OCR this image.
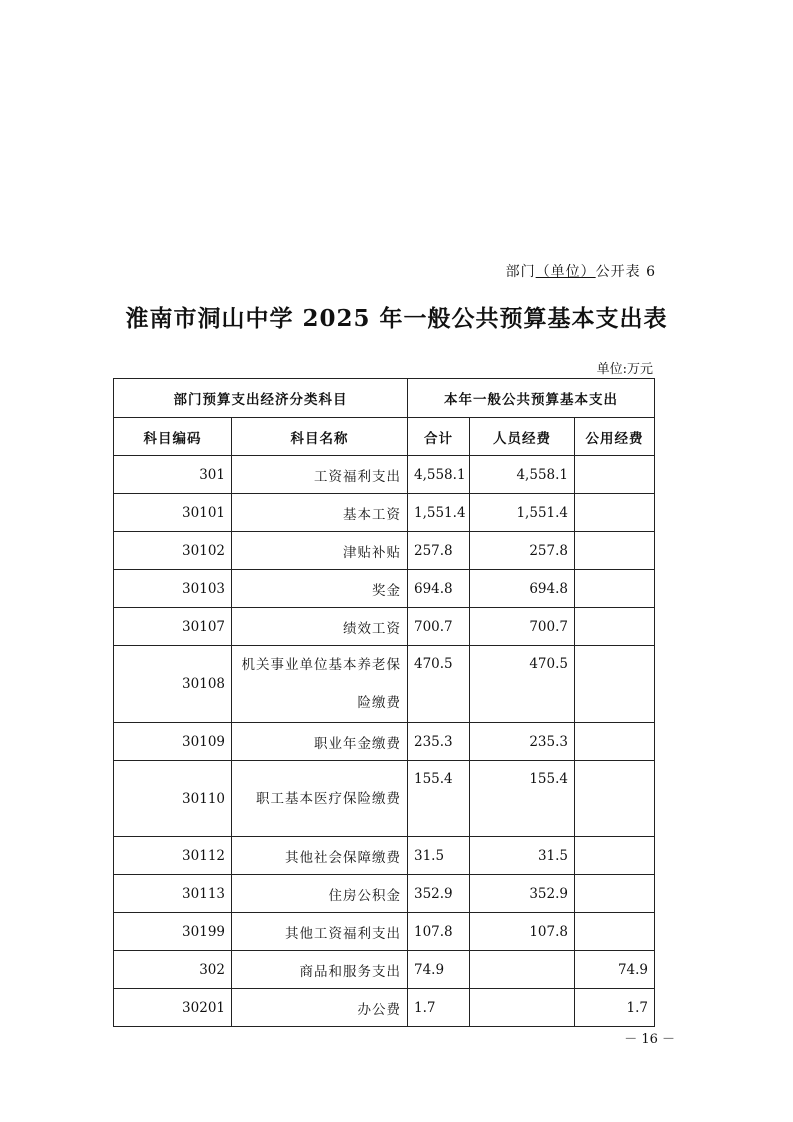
部门（单位）公开表 6
淮南市洞山中学 2025 年一般公共预算基本支出表
单位:万元
部门预算支出经济分类科目		本年一般公共预算基本支出		
科目编码	科目名称	合计	人员经费	公用经费
301	工资福利支出	4,558.1	4,558.1	
30101	基本工资	1,551.4	1,551.4	
30102	津贴补贴	257.8	257.8	
30103	奖金	694.8	694.8	
30107	绩效工资	700.7	700.7	
30108	机关事业单位基本养老保险缴费	470.5	470.5	
30109	职业年金缴费	235.3	235.3	
30110	职工基本医疗保险缴费	155.4	155.4	
30112	其他社会保障缴费	31.5	31.5	
30113	住房公积金	352.9	352.9	
30199	其他工资福利支出	107.8	107.8	
302	商品和服务支出	74.9		74.9
30201	办公费	1.7		1.7
－ 16 －
